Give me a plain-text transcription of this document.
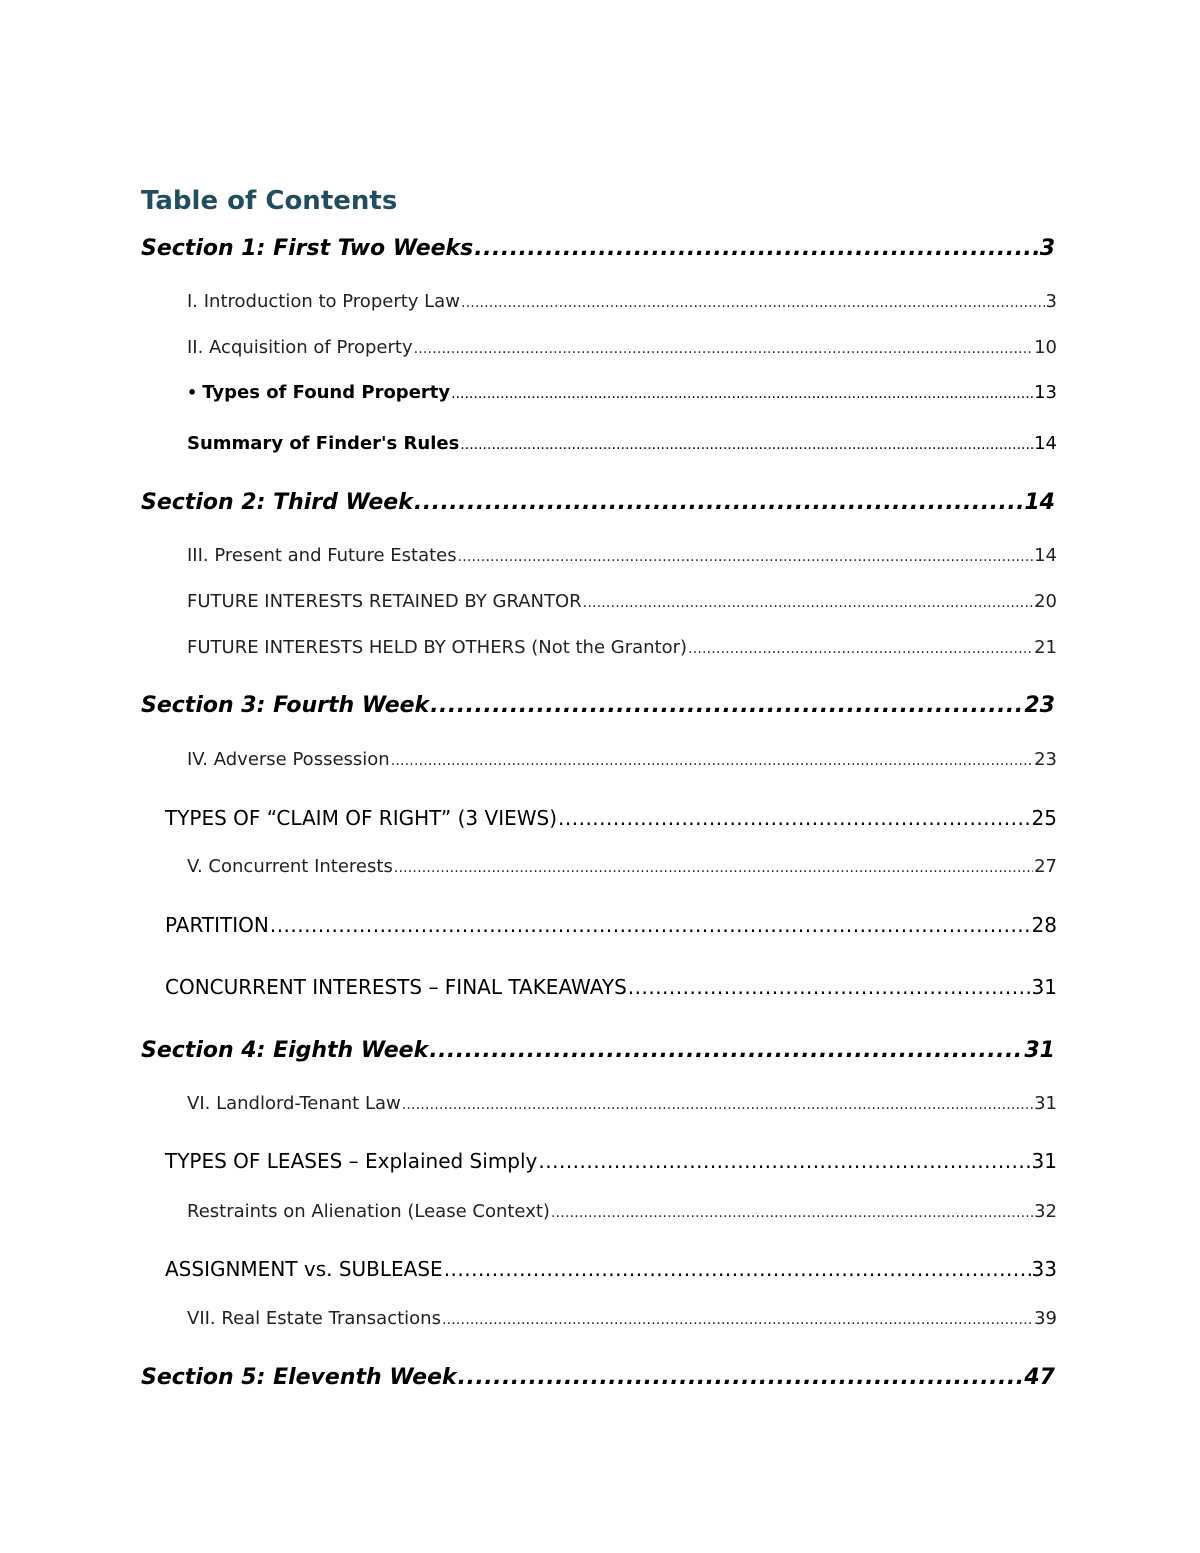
Table of Contents
Section 1: First Two Weeks .....	3
I. Introduction to Property Law .....	3
II. Acquisition of Property .....	10
• Types of Found Property .....	13
Summary of Finder's Rules .....	14
Section 2: Third Week .....	14
III. Present and Future Estates .....	14
FUTURE INTERESTS RETAINED BY GRANTOR .....	20
FUTURE INTERESTS HELD BY OTHERS (Not the Grantor) .....	21
Section 3: Fourth Week .....	23
IV. Adverse Possession .....	23
TYPES OF “CLAIM OF RIGHT” (3 VIEWS) .....	25
V. Concurrent Interests .....	27
PARTITION .....	28
CONCURRENT INTERESTS – FINAL TAKEAWAYS .....	31
Section 4: Eighth Week .....	31
VI. Landlord-Tenant Law .....	31
TYPES OF LEASES – Explained Simply .....	31
Restraints on Alienation (Lease Context) .....	32
ASSIGNMENT vs. SUBLEASE .....	33
VII. Real Estate Transactions .....	39
Section 5: Eleventh Week .....	47
